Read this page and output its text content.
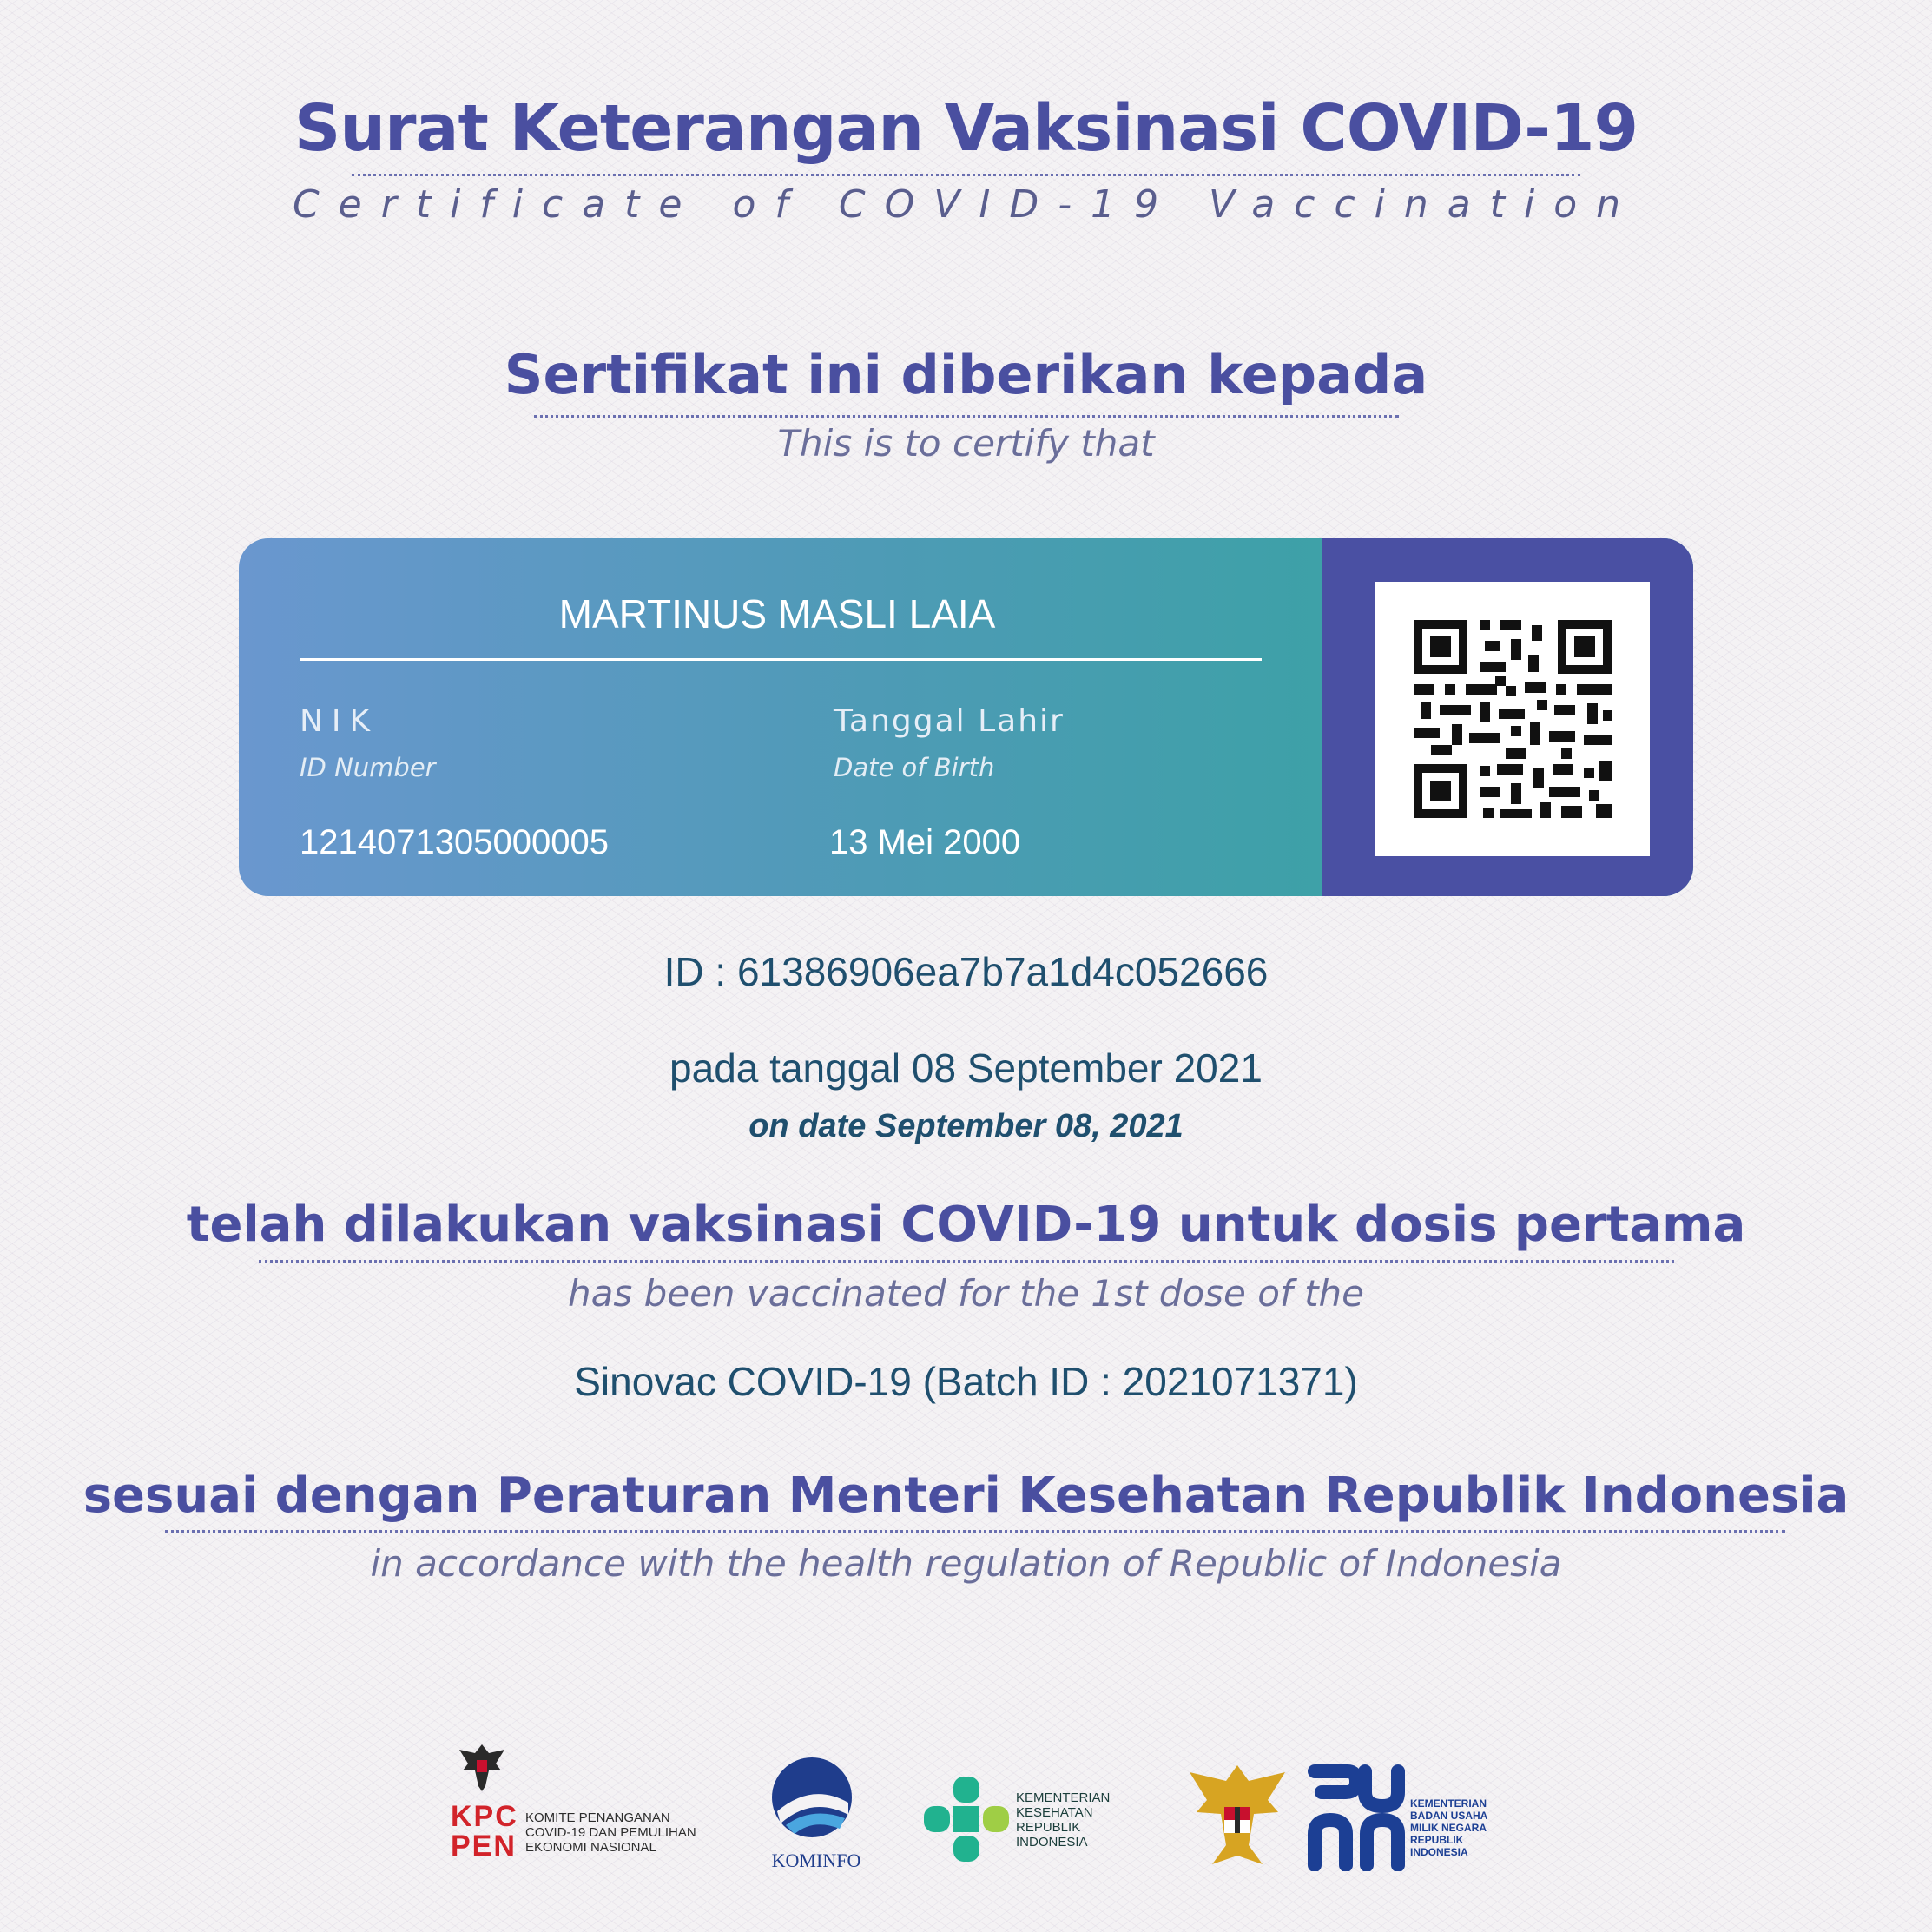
Surat Keterangan Vaksinasi COVID-19
Certificate of COVID-19 Vaccination
Sertifikat ini diberikan kepada
This is to certify that
MARTINUS MASLI LAIA
NIK
ID Number
1214071305000005
Tanggal Lahir
Date of Birth
13 Mei 2000
ID : 61386906ea7b7a1d4c052666
pada tanggal 08 September 2021
on date September 08, 2021
telah dilakukan vaksinasi COVID-19 untuk dosis pertama
has been vaccinated for the 1st dose of the
Sinovac COVID-19 (Batch ID : 2021071371)
sesuai dengan Peraturan Menteri Kesehatan Republik Indonesia
in accordance with the health regulation of Republic of Indonesia
KPC
PEN
KOMITE PENANGANAN
COVID-19 DAN PEMULIHAN
EKONOMI NASIONAL
KOMINFO
KEMENTERIAN
KESEHATAN
REPUBLIK
INDONESIA
KEMENTERIAN
BADAN USAHA
MILIK NEGARA
REPUBLIK
INDONESIA
